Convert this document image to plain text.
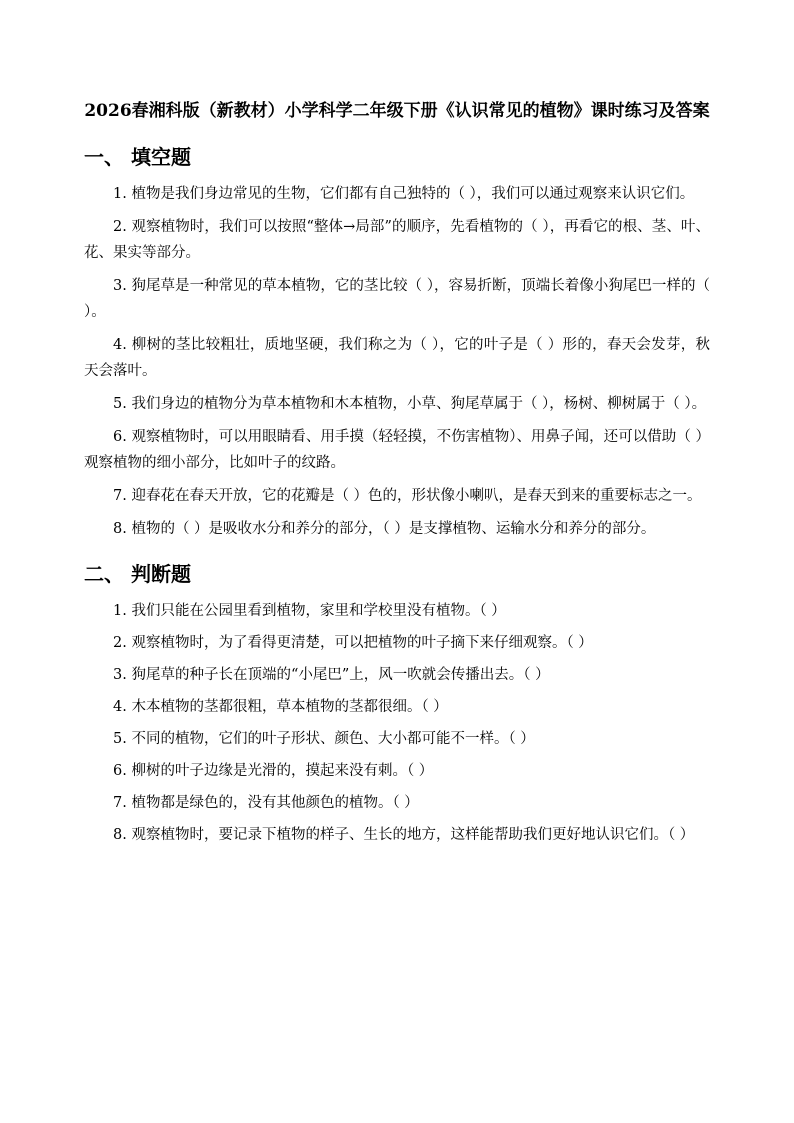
2026春湘科版（新教材）小学科学二年级下册《认识常见的植物》课时练习及答案

一、 填空题

1. 植物是我们身边常见的生物，它们都有自己独特的（ ），我们可以通过观察来认识它们。

2. 观察植物时，我们可以按照“整体→局部”的顺序，先看植物的（ ），再看它的根、茎、叶、花、果实等部分。

3. 狗尾草是一种常见的草本植物，它的茎比较（ ），容易折断，顶端长着像小狗尾巴一样的（ ）。

4. 柳树的茎比较粗壮，质地坚硬，我们称之为（ ），它的叶子是（ ）形的，春天会发芽，秋天会落叶。

5. 我们身边的植物分为草本植物和木本植物，小草、狗尾草属于（ ），杨树、柳树属于（ ）。

6. 观察植物时，可以用眼睛看、用手摸（轻轻摸，不伤害植物）、用鼻子闻，还可以借助（ ）观察植物的细小部分，比如叶子的纹路。

7. 迎春花在春天开放，它的花瓣是（ ）色的，形状像小喇叭，是春天到来的重要标志之一。

8. 植物的（ ）是吸收水分和养分的部分，（ ）是支撑植物、运输水分和养分的部分。

二、 判断题

1. 我们只能在公园里看到植物，家里和学校里没有植物。（ ）

2. 观察植物时，为了看得更清楚，可以把植物的叶子摘下来仔细观察。（ ）

3. 狗尾草的种子长在顶端的“小尾巴”上，风一吹就会传播出去。（ ）

4. 木本植物的茎都很粗，草本植物的茎都很细。（ ）

5. 不同的植物，它们的叶子形状、颜色、大小都可能不一样。（ ）

6. 柳树的叶子边缘是光滑的，摸起来没有刺。（ ）

7. 植物都是绿色的，没有其他颜色的植物。（ ）

8. 观察植物时，要记录下植物的样子、生长的地方，这样能帮助我们更好地认识它们。（ ）
